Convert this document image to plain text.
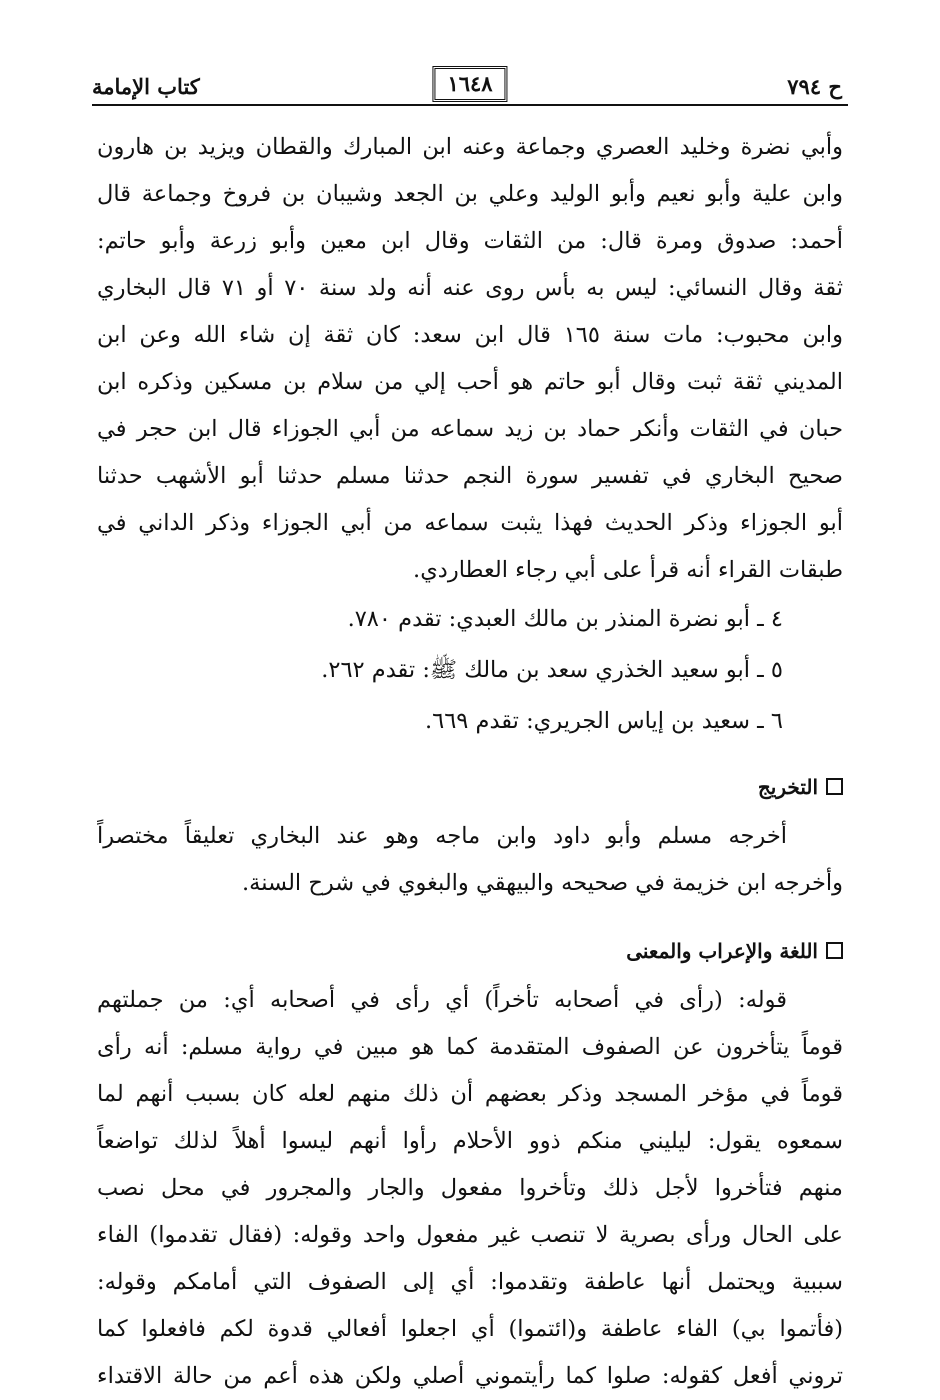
ح ٧٩٤
١٦٤٨
كتاب الإمامة

وأبي نضرة وخليد العصري وجماعة وعنه ابن المبارك والقطان ويزيد بن هارون

وابن علية وأبو نعيم وأبو الوليد وعلي بن الجعد وشيبان بن فروخ وجماعة قال

أحمد: صدوق ومرة قال: من الثقات وقال ابن معين وأبو زرعة وأبو حاتم:

ثقة وقال النسائي: ليس به بأس روى عنه أنه ولد سنة ٧٠ أو ٧١ قال البخاري

وابن محبوب: مات سنة ١٦٥ قال ابن سعد: كان ثقة إن شاء الله وعن ابن

المديني ثقة ثبت وقال أبو حاتم هو أحب إلي من سلام بن مسكين وذكره ابن

حبان في الثقات وأنكر حماد بن زيد سماعه من أبي الجوزاء قال ابن حجر في

صحيح البخاري في تفسير سورة النجم حدثنا مسلم حدثنا أبو الأشهب حدثنا

أبو الجوزاء وذكر الحديث فهذا يثبت سماعه من أبي الجوزاء وذكر الداني في

طبقات القراء أنه قرأ على أبي رجاء العطاردي.

٤ ـ أبو نضرة المنذر بن مالك العبدي: تقدم ٧٨٠.

٥ ـ أبو سعيد الخذري سعد بن مالك ﷺ: تقدم ٢٦٢.

٦ ـ سعيد بن إياس الجريري: تقدم ٦٦٩.

التخريج

أخرجه مسلم وأبو داود وابن ماجه وهو عند البخاري تعليقاً مختصراً

وأخرجه ابن خزيمة في صحيحه والبيهقي والبغوي في شرح السنة.

اللغة والإعراب والمعنى

قوله: (رأى في أصحابه تأخراً) أي رأى في أصحابه أي: من جملتهم

قوماً يتأخرون عن الصفوف المتقدمة كما هو مبين في رواية مسلم: أنه رأى

قوماً في مؤخر المسجد وذكر بعضهم أن ذلك منهم لعله كان بسبب أنهم لما

سمعوه يقول: ليليني منكم ذوو الأحلام رأوا أنهم ليسوا أهلاً لذلك تواضعاً

منهم فتأخروا لأجل ذلك وتأخروا مفعول والجار والمجرور في محل نصب

على الحال ورأى بصرية لا تنصب غير مفعول واحد وقوله: (فقال تقدموا) الفاء

سببية ويحتمل أنها عاطفة وتقدموا: أي إلى الصفوف التي أمامكم وقوله:

(فأتموا بي) الفاء عاطفة و(ائتموا) أي اجعلوا أفعالي قدوة لكم فافعلوا كما

تروني أفعل كقوله: صلوا كما رأيتموني أصلي ولكن هذه أعم من حالة الاقتداء
